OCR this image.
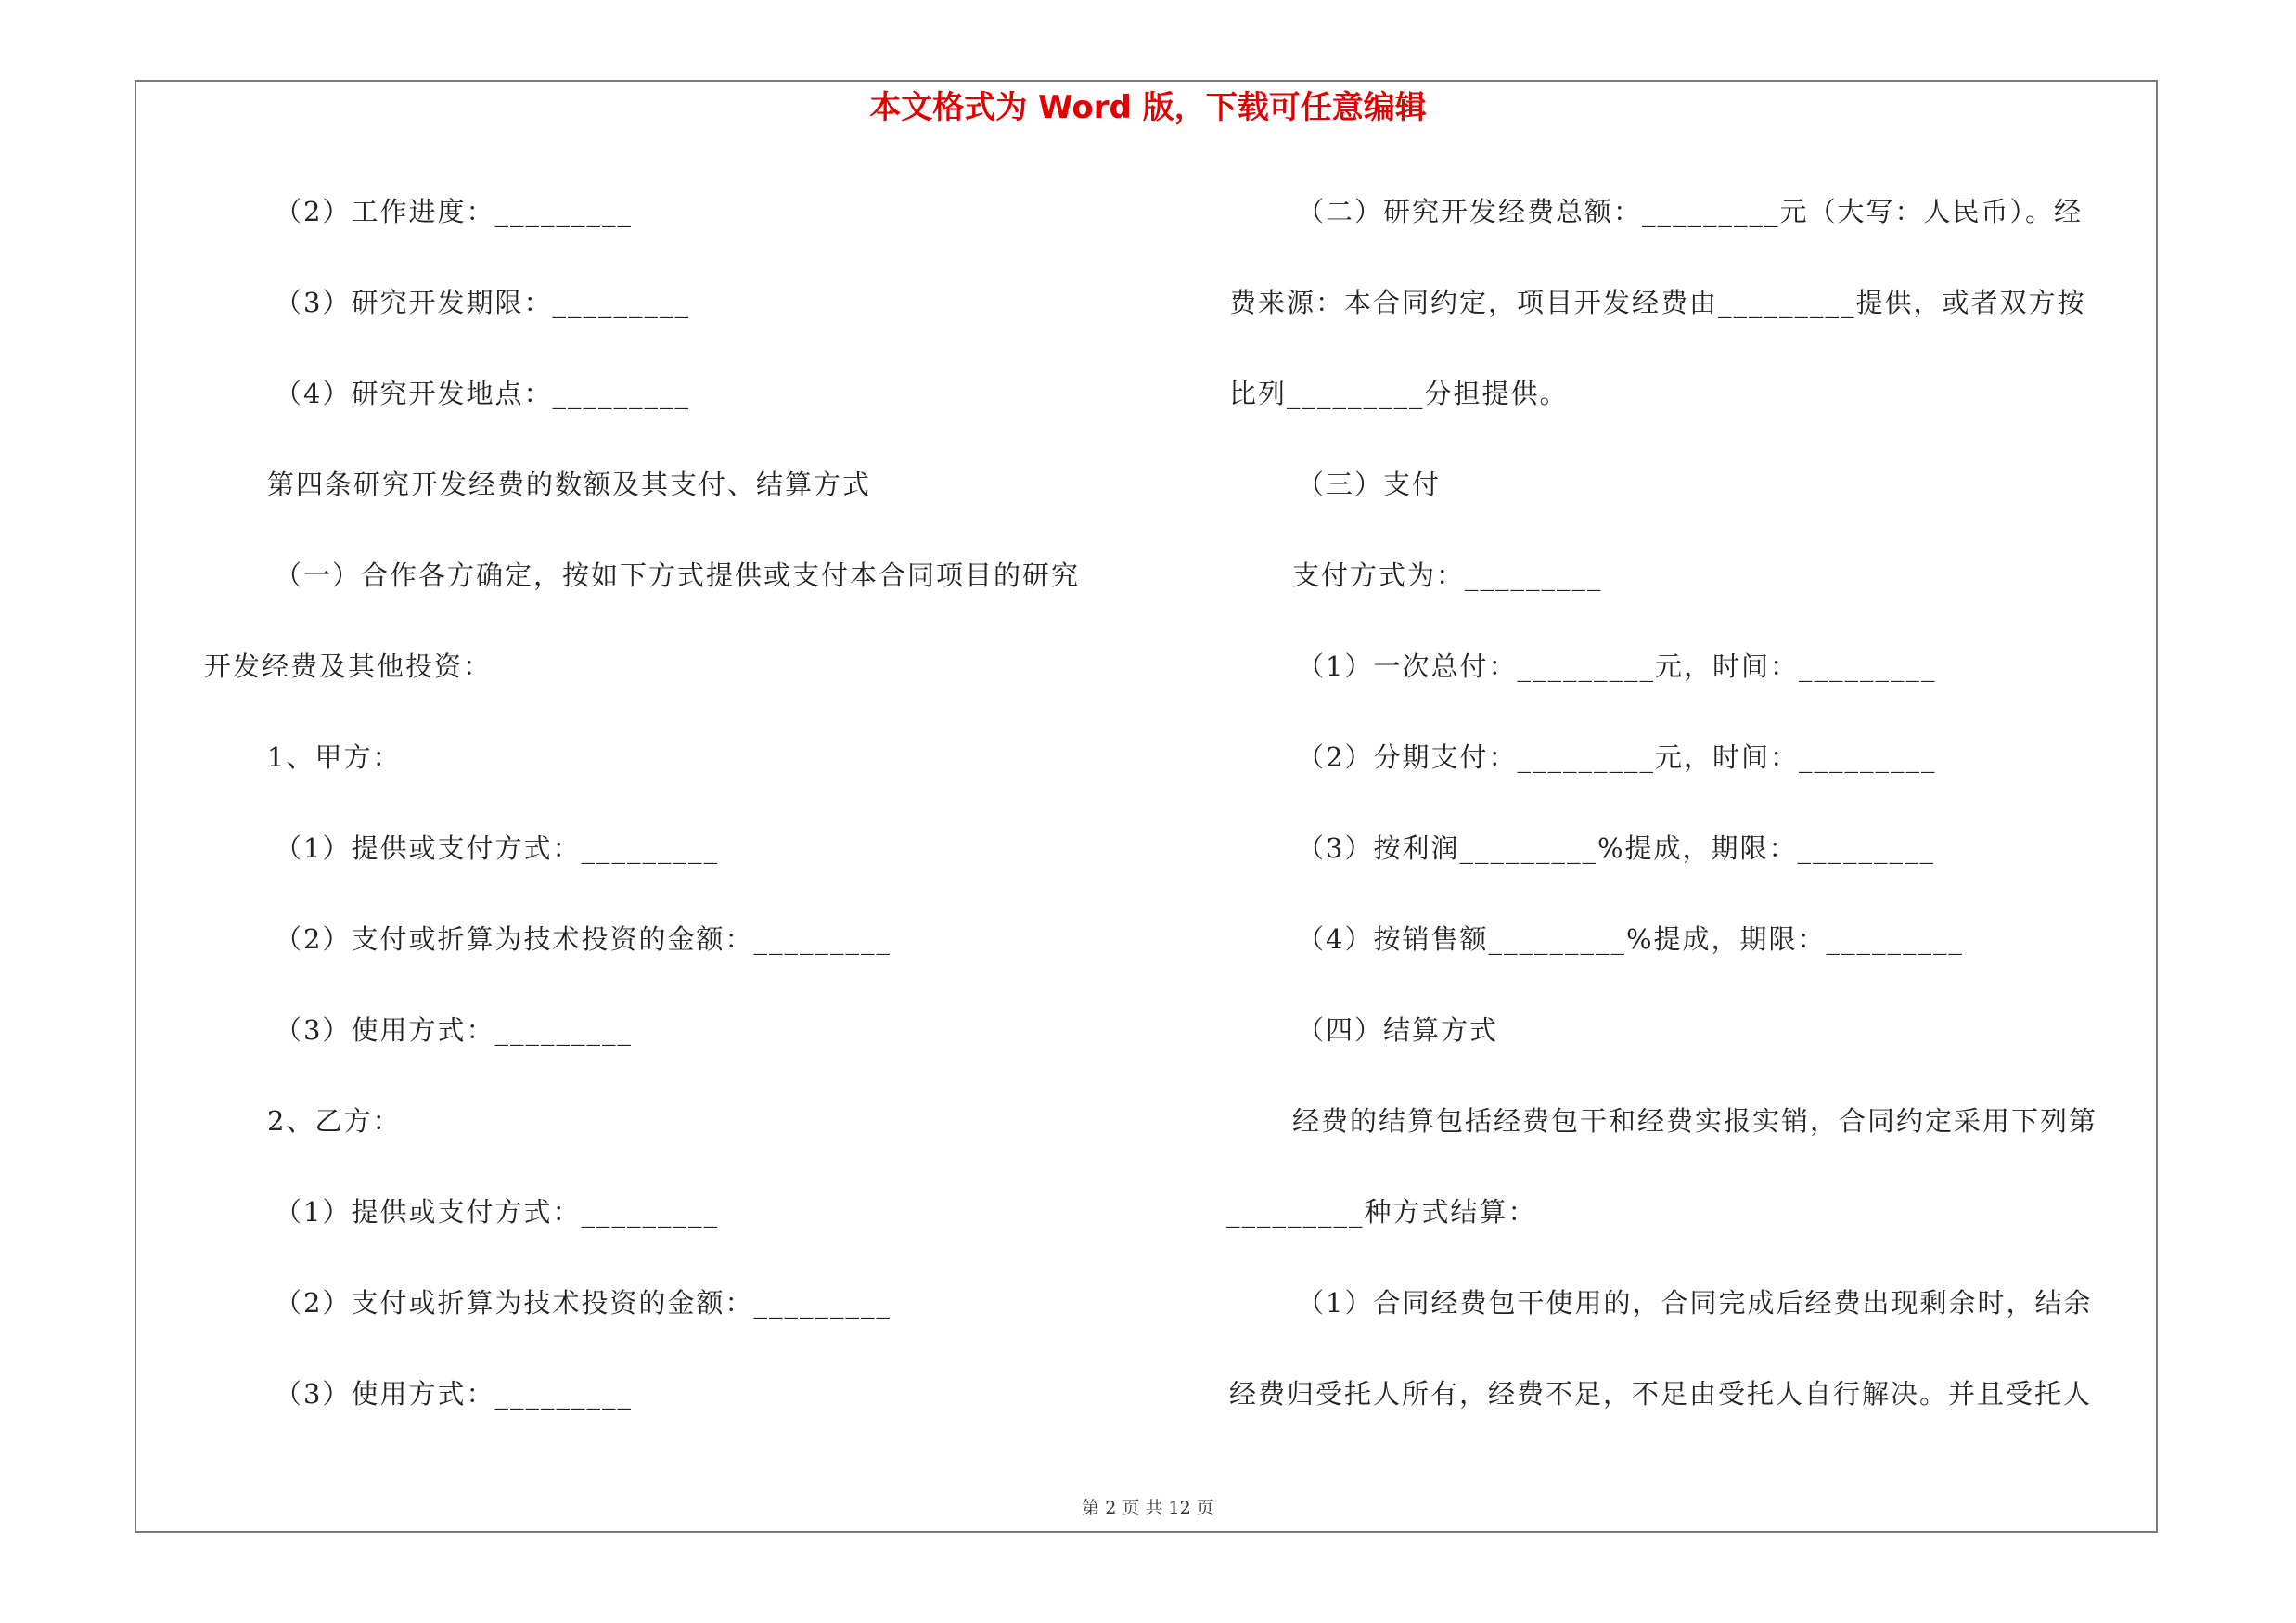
本文格式为 Word 版，下载可任意编辑
（2）工作进度：_________
（3）研究开发期限：_________
（4）研究开发地点：_________
第四条研究开发经费的数额及其支付、结算方式
（一）合作各方确定，按如下方式提供或支付本合同项目的研究
开发经费及其他投资：
1、甲方：
（1）提供或支付方式：_________
（2）支付或折算为技术投资的金额：_________
（3）使用方式：_________
2、乙方：
（1）提供或支付方式：_________
（2）支付或折算为技术投资的金额：_________
（3）使用方式：_________
（二）研究开发经费总额：_________元（大写：人民币）。经
费来源：本合同约定，项目开发经费由_________提供，或者双方按
比列_________分担提供。
（三）支付
支付方式为：_________
（1）一次总付：_________元，时间：_________
（2）分期支付：_________元，时间：_________
（3）按利润_________%提成，期限：_________
（4）按销售额_________%提成，期限：_________
（四）结算方式
经费的结算包括经费包干和经费实报实销，合同约定采用下列第
_________种方式结算：
（1）合同经费包干使用的，合同完成后经费出现剩余时，结余
经费归受托人所有，经费不足，不足由受托人自行解决。并且受托人
第 2 页 共 12 页
